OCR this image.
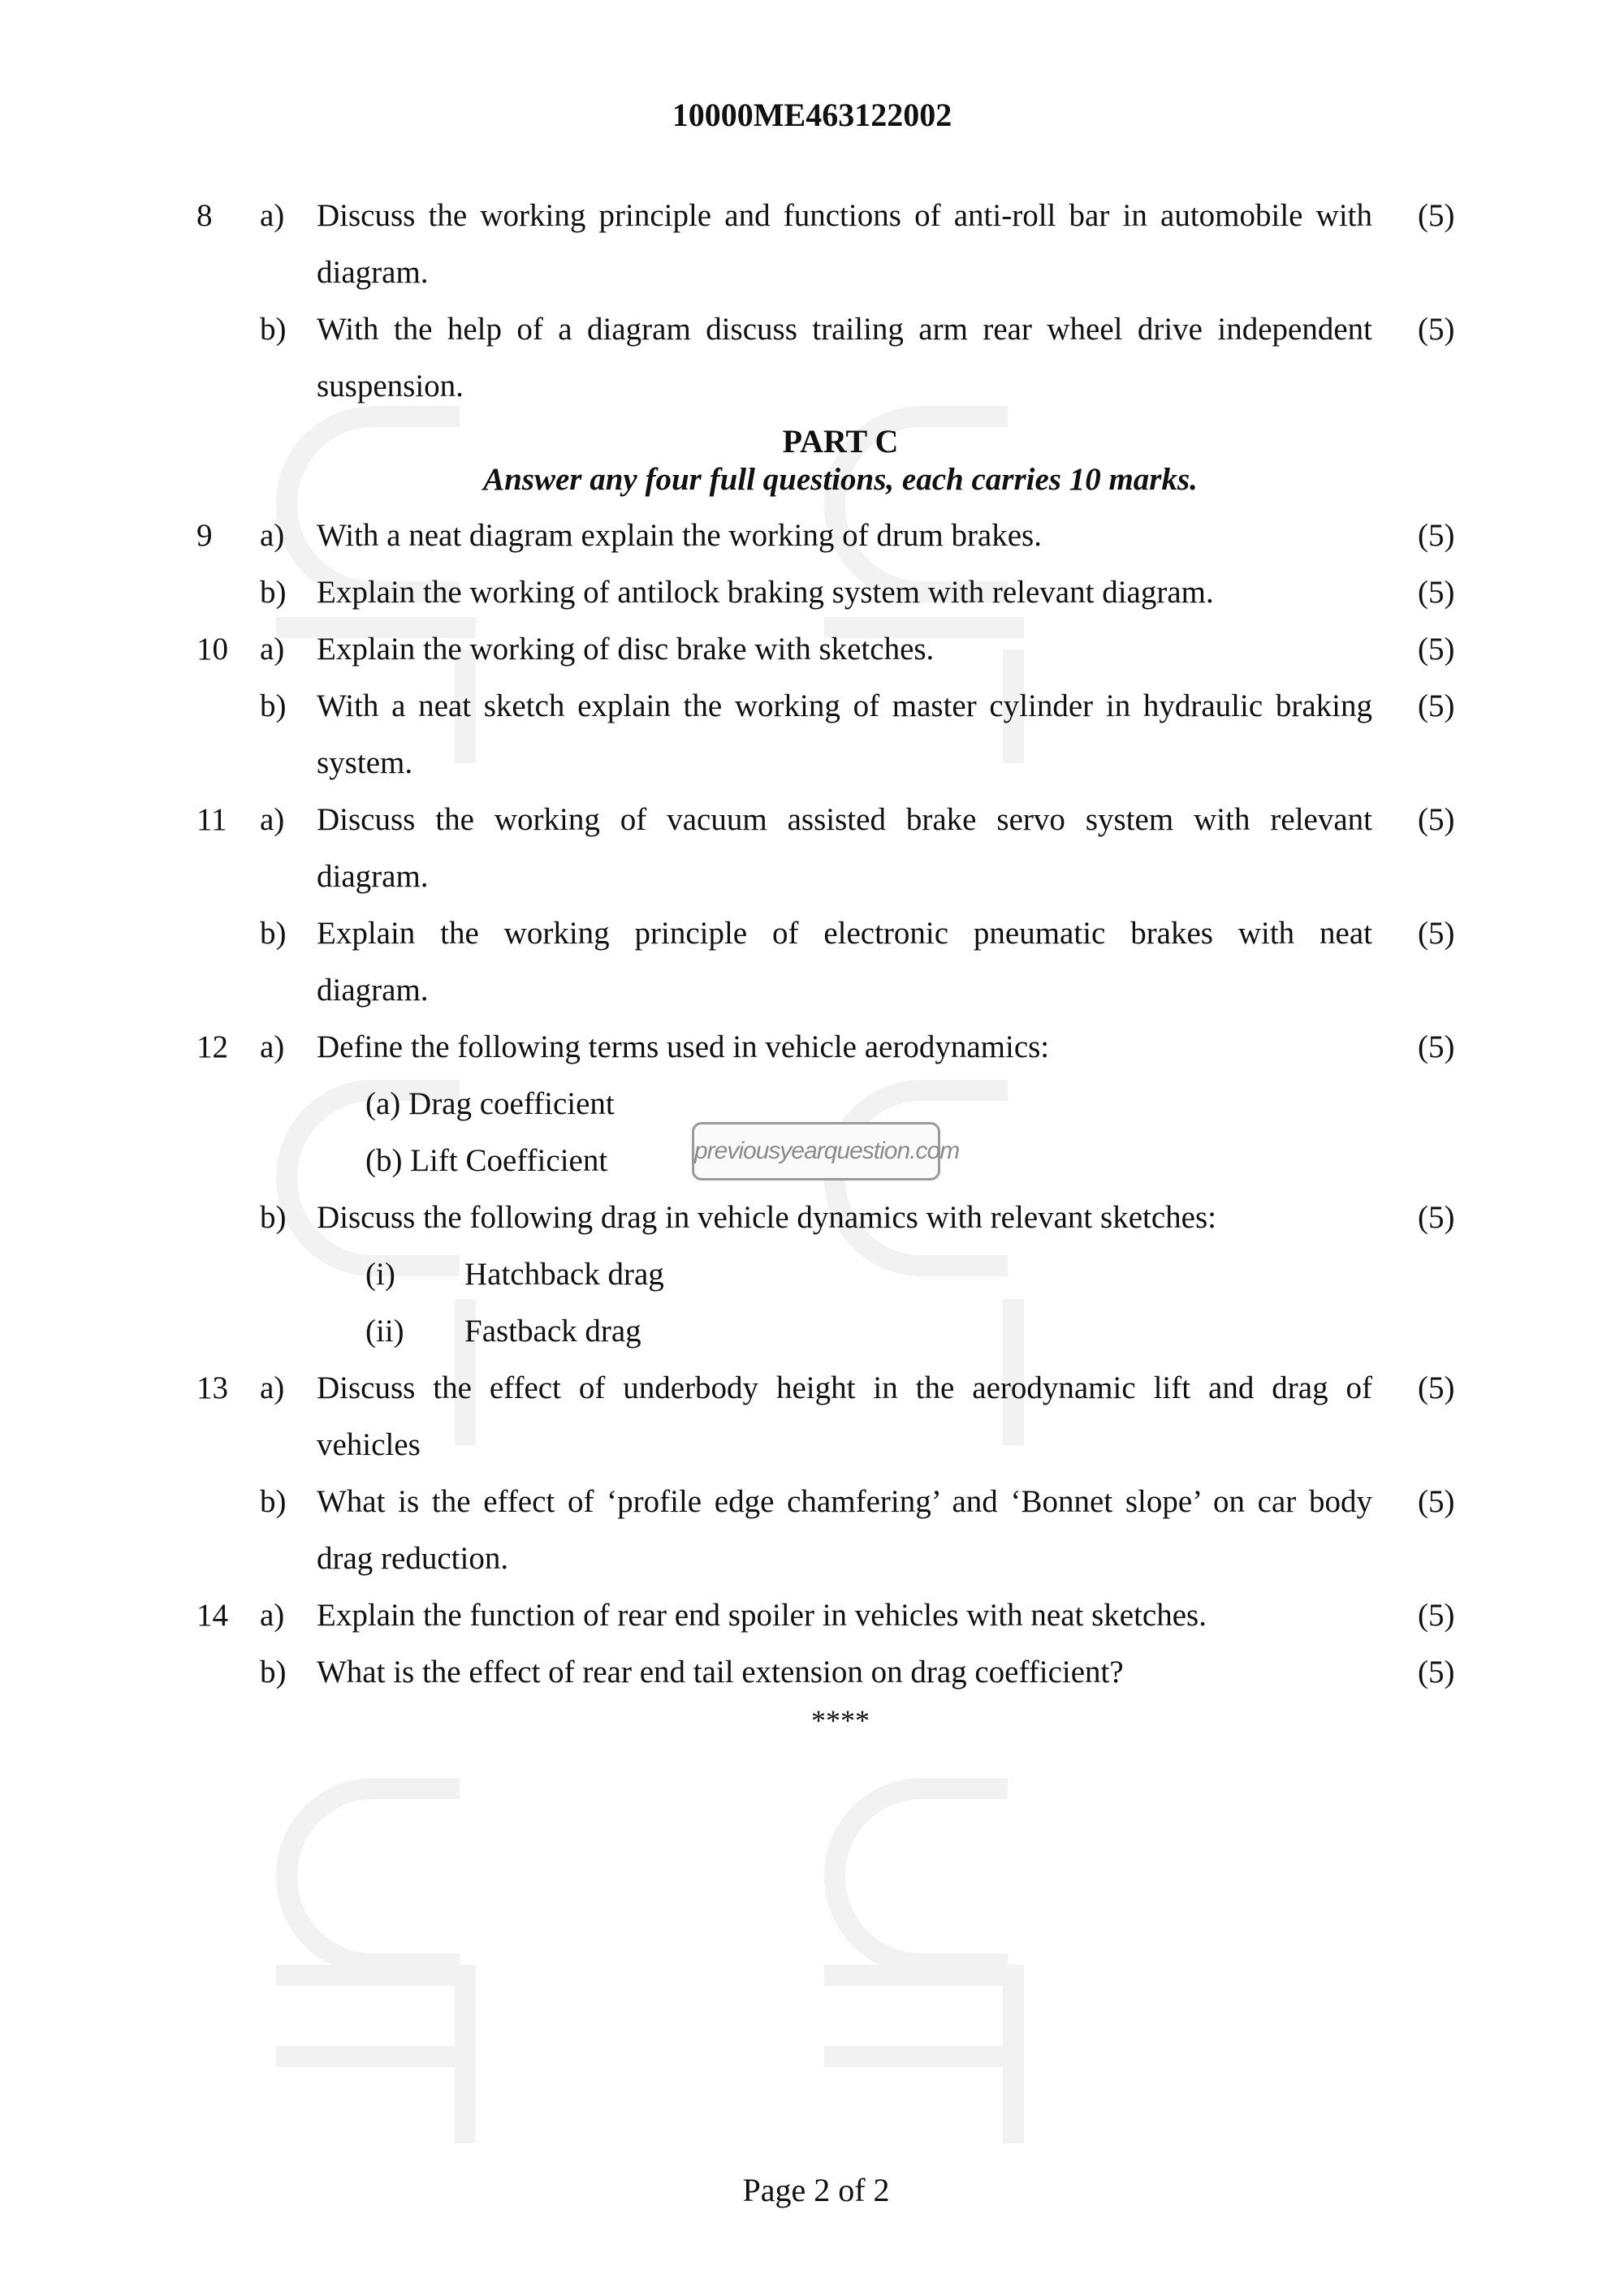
10000ME463122002
8	a)	Discuss the working principle and functions of anti-roll bar in automobile with (5)
diagram.
b) With the help of a diagram discuss trailing arm rear wheel drive independent (5)
suspension.
PART C
Answer any four full questions, each carries 10 marks.
9	a)	With a neat diagram explain the working of drum brakes.	(5)
b) Explain the working of antilock braking system with relevant diagram.	(5)
10	a)	Explain the working of disc brake with sketches.	(5)
b) With a neat sketch explain the working of master cylinder in hydraulic braking (5)
system.
11	a)	Discuss the working of vacuum assisted brake servo system with relevant (5)
diagram.
b) Explain the working principle of electronic pneumatic brakes with neat (5)
diagram.
12	a)	Define the following terms used in vehicle aerodynamics:	(5)
(a) Drag coefficient
(b) Lift Coefficient
b) Discuss the following drag in vehicle dynamics with relevant sketches:	(5)
(i) Hatchback drag
(ii) Fastback drag
previousyearquestion.com
13	a)	Discuss the effect of underbody height in the aerodynamic lift and drag of (5)
vehicles
b) What is the effect of ‘profile edge chamfering’ and ‘Bonnet slope’ on car body (5)
drag reduction.
14	a)	Explain the function of rear end spoiler in vehicles with neat sketches.	(5)
b) What is the effect of rear end tail extension on drag coefficient?	(5)
****
Page 2 of 2
